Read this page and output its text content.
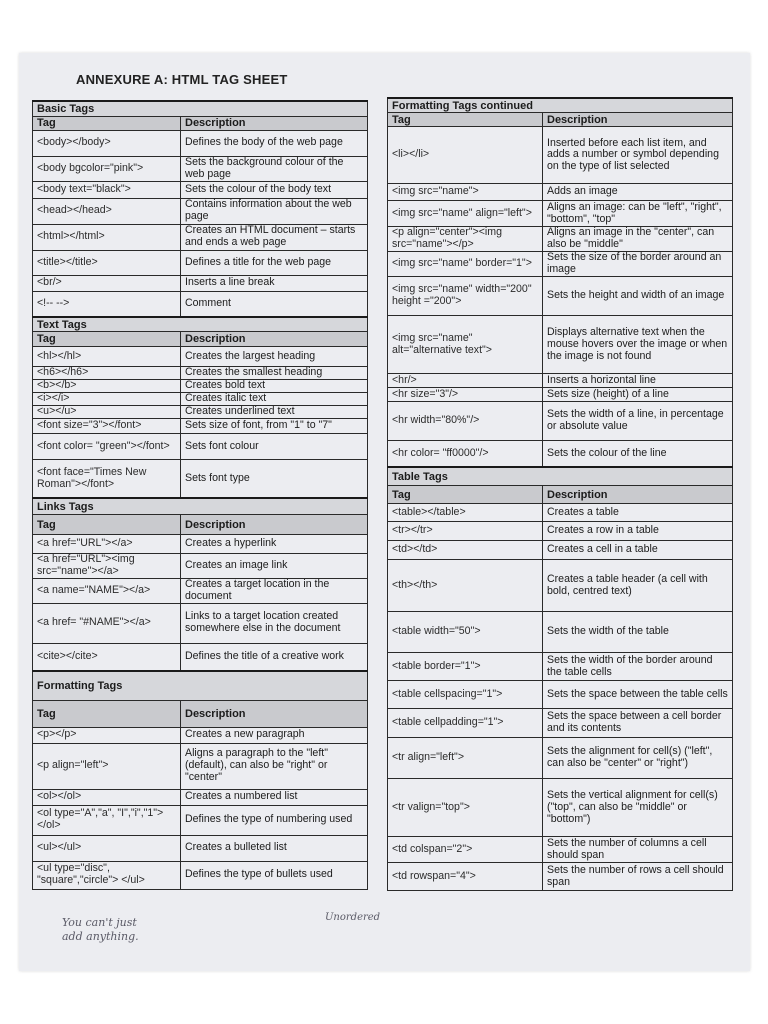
ANNEXURE A: HTML TAG SHEET
Basic Tags	
Tag	Description
<body></body>	Defines the body of the web page
<body bgcolor="pink">	Sets the background colour of the web page
<body text="black">	Sets the colour of the body text
<head></head>	Contains information about the web page
<html></html>	Creates an HTML document – starts and ends a web page
<title></title>	Defines a title for the web page
<br/>	Inserts a line break
<!-- -->	Comment
Text Tags	
Tag	Description
<hl></hl>	Creates the largest heading
<h6></h6>	Creates the smallest heading
<b></b>	Creates bold text
<i></i>	Creates italic text
<u></u>	Creates underlined text
<font size="3"></font>	Sets size of font, from "1" to "7"
<font color= "green"></font>	Sets font colour
<font face="Times New Roman"></font>	Sets font type
Links Tags	
Tag	Description
<a href="URL"></a>	Creates a hyperlink
<a href="URL"><img src="name"></a>	Creates an image link
<a name="NAME"></a>	Creates a target location in the document
<a href= "#NAME"></a>	Links to a target location created somewhere else in the document
<cite></cite>	Defines the title of a creative work
Formatting Tags	
Tag	Description
<p></p>	Creates a new paragraph
<p align="left">	Aligns a paragraph to the "left" (default), can also be "right" or "center"
<ol></ol>	Creates a numbered list
<ol type="A","a", "I","i","1"></ol>	Defines the type of numbering used
<ul></ul>	Creates a bulleted list
<ul type="disc", "square","circle"> </ul>	Defines the type of bullets used
Formatting Tags continued	
Tag	Description
<li></li>	Inserted before each list item, and adds a number or symbol depending on the type of list selected
<img src="name">	Adds an image
<img src="name" align="left">	Aligns an image: can be "left", "right", "bottom", "top"
<p align="center"><img src="name"></p>	Aligns an image in the "center", can also be "middle"
<img src="name" border="1">	Sets the size of the border around an image
<img src="name" width="200" height ="200">	Sets the height and width of an image
<img src="name" alt="alternative text">	Displays alternative text when the mouse hovers over the image or when the image is not found
<hr/>	Inserts a horizontal line
<hr size="3"/>	Sets size (height) of a line
<hr width="80%"/>	Sets the width of a line, in percentage or absolute value
<hr color= "ff0000"/>	Sets the colour of the line
Table Tags	
Tag	Description
<table></table>	Creates a table
<tr></tr>	Creates a row in a table
<td></td>	Creates a cell in a table
<th></th>	Creates a table header (a cell with bold, centred text)
<table width="50">	Sets the width of the table
<table border="1">	Sets the width of the border around the table cells
<table cellspacing="1">	Sets the space between the table cells
<table cellpadding="1">	Sets the space between a cell border and its contents
<tr align="left">	Sets the alignment for cell(s) ("left", can also be "center" or "right")
<tr valign="top">	Sets the vertical alignment for cell(s) ("top", can also be "middle" or "bottom")
<td colspan="2">	Sets the number of columns a cell should span
<td rowspan="4">	Sets the number of rows a cell should span
You can't just
add anything.
Unordered
